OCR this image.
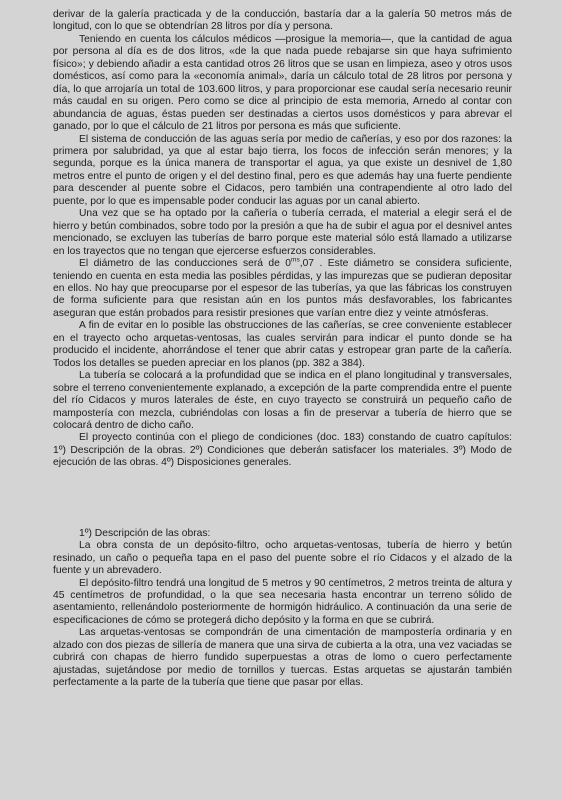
derivar de la galería practicada y de la conducción, bastaría dar a la galería 50 metros más de longitud, con lo que se obtendrían 28 litros por día y persona.

Teniendo en cuenta los cálculos médicos —prosigue la memoria—, que la cantidad de agua por persona al día es de dos litros, «de la que nada puede rebajarse sin que haya sufrimiento físico»; y debiendo añadir a esta cantidad otros 26 litros que se usan en limpieza, aseo y otros usos domésticos, así como para la «economía animal», daría un cálculo total de 28 litros por persona y día, lo que arrojaría un total de 103.600 litros, y para proporcionar ese caudal sería necesario reunir más caudal en su origen. Pero como se dice al principio de esta memoria, Arnedo al contar con abundancia de aguas, éstas pueden ser destinadas a ciertos usos domésticos y para abrevar el ganado, por lo que el cálculo de 21 litros por persona es más que suficiente.

El sistema de conducción de las aguas sería por medio de cañerías, y eso por dos razones: la primera por salubridad, ya que al estar bajo tierra, los focos de infección serán menores; y la segunda, porque es la única manera de transportar el agua, ya que existe un desnivel de 1,80 metros entre el punto de origen y el del destino final, pero es que además hay una fuerte pendiente para descender al puente sobre el Cidacos, pero también una contrapendiente al otro lado del puente, por lo que es impensable poder conducir las aguas por un canal abierto.

Una vez que se ha optado por la cañería o tubería cerrada, el material a elegir será el de hierro y betún combinados, sobre todo por la presión a que ha de subir el agua por el desnivel antes mencionado, se excluyen las tuberías de barro porque este material sólo está llamado a utilizarse en los trayectos que no tengan que ejercerse esfuerzos considerables.

El diámetro de las conducciones será de $0^{ms},07$ . Este diámetro se considera suficiente, teniendo en cuenta en esta media las posibles pérdidas, y las impurezas que se pudieran depositar en ellos. No hay que preocuparse por el espesor de las tuberías, ya que las fábricas los construyen de forma suficiente para que resistan aún en los puntos más desfavorables, los fabricantes aseguran que están probados para resistir presiones que varían entre diez y veinte atmósferas.

A fin de evitar en lo posible las obstrucciones de las cañerías, se cree conveniente establecer en el trayecto ocho arquetas-ventosas, las cuales servirán para indicar el punto donde se ha producido el incidente, ahorrándose el tener que abrir catas y estropear gran parte de la cañería. Todos los detalles se pueden apreciar en los planos (pp. 382 a 384).

La tubería se colocará a la profundidad que se indica en el plano longitudinal y transversales, sobre el terreno convenientemente explanado, a excepción de la parte comprendida entre el puente del río Cidacos y muros laterales de éste, en cuyo trayecto se construirá un pequeño caño de mampostería con mezcla, cubriéndolas con losas a fin de preservar a tubería de hierro que se colocará dentro de dicho caño.

El proyecto continúa con el pliego de condiciones (doc. 183) constando de cuatro capítulos: 1º) Descripción de la obras. 2º) Condiciones que deberán satisfacer los materiales. 3º) Modo de ejecución de las obras. 4º) Disposiciones generales.

1º) Descripción de las obras:

La obra consta de un depósito-filtro, ocho arquetas-ventosas, tubería de hierro y betún resinado, un caño o pequeña tapa en el paso del puente sobre el río Cidacos y el alzado de la fuente y un abrevadero.

El depósito-filtro tendrá una longitud de 5 metros y 90 centímetros, 2 metros treinta de altura y 45 centímetros de profundidad, o la que sea necesaria hasta encontrar un terreno sólido de asentamiento, rellenándolo posteriormente de hormigón hidráulico. A continuación da una serie de especificaciones de cómo se protegerá dicho depósito y la forma en que se cubrirá.

Las arquetas-ventosas se compondrán de una cimentación de mampostería ordinaria y en alzado con dos piezas de sillería de manera que una sirva de cubierta a la otra, una vez vaciadas se cubrirá con chapas de hierro fundido superpuestas a otras de lomo o cuero perfectamente ajustadas, sujetándose por medio de tornillos y tuercas. Estas arquetas se ajustarán también perfectamente a la parte de la tubería que tiene que pasar por ellas.
